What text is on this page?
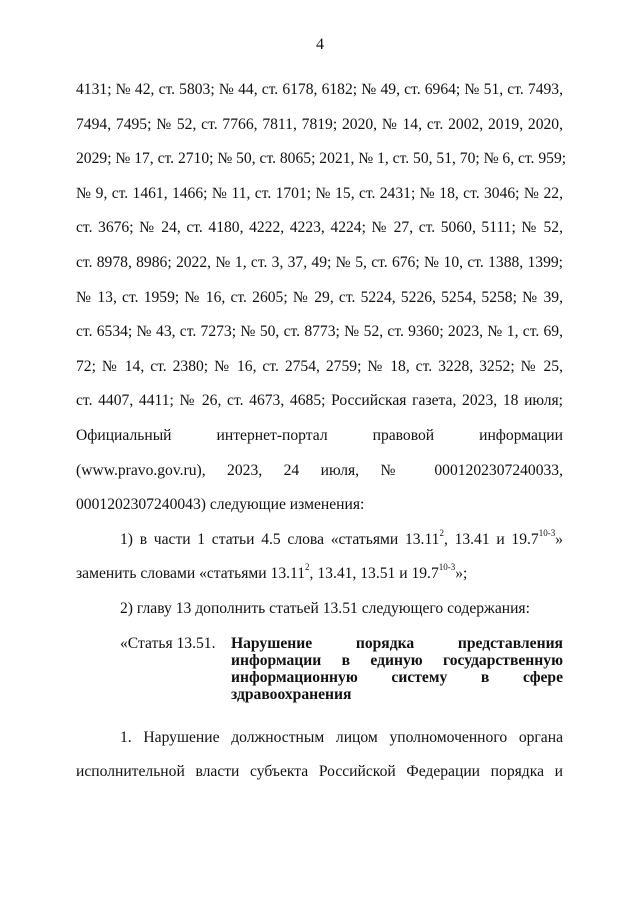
4
4131; № 42, ст. 5803; № 44, ст. 6178, 6182; № 49, ст. 6964; № 51, ст. 7493,
7494, 7495; № 52, ст. 7766, 7811, 7819; 2020, № 14, ст. 2002, 2019, 2020,
2029; № 17, ст. 2710; № 50, ст. 8065; 2021, № 1, ст. 50, 51, 70; № 6, ст. 959;
№ 9, ст. 1461, 1466; № 11, ст. 1701; № 15, ст. 2431; № 18, ст. 3046; № 22,
ст. 3676; № 24, ст. 4180, 4222, 4223, 4224; № 27, ст. 5060, 5111; № 52,
ст. 8978, 8986; 2022, № 1, ст. 3, 37, 49; № 5, ст. 676; № 10, ст. 1388, 1399;
№ 13, ст. 1959; № 16, ст. 2605; № 29, ст. 5224, 5226, 5254, 5258; № 39,
ст. 6534; № 43, ст. 7273; № 50, ст. 8773; № 52, ст. 9360; 2023, № 1, ст. 69,
72; № 14, ст. 2380; № 16, ст. 2754, 2759; № 18, ст. 3228, 3252; № 25,
ст. 4407, 4411; № 26, ст. 4673, 4685; Российская газета, 2023, 18 июля;
Официальный интернет-портал правовой информации
(www.pravo.gov.ru), 2023, 24 июля, № 0001202307240033,
0001202307240043) следующие изменения:
1) в части 1 статьи 4.5 слова «статьями 13.11$^2$, 13.41 и 19.7$^{10-3}$»
заменить словами «статьями 13.11$^2$, 13.41, 13.51 и 19.7$^{10-3}$»;
2) главу 13 дополнить статьей 13.51 следующего содержания:
«Статья 13.51. Нарушение порядка представления
информации в единую государственную
информационную систему в сфере
здравоохранения
1. Нарушение должностным лицом уполномоченного органа
исполнительной власти субъекта Российской Федерации порядка и
